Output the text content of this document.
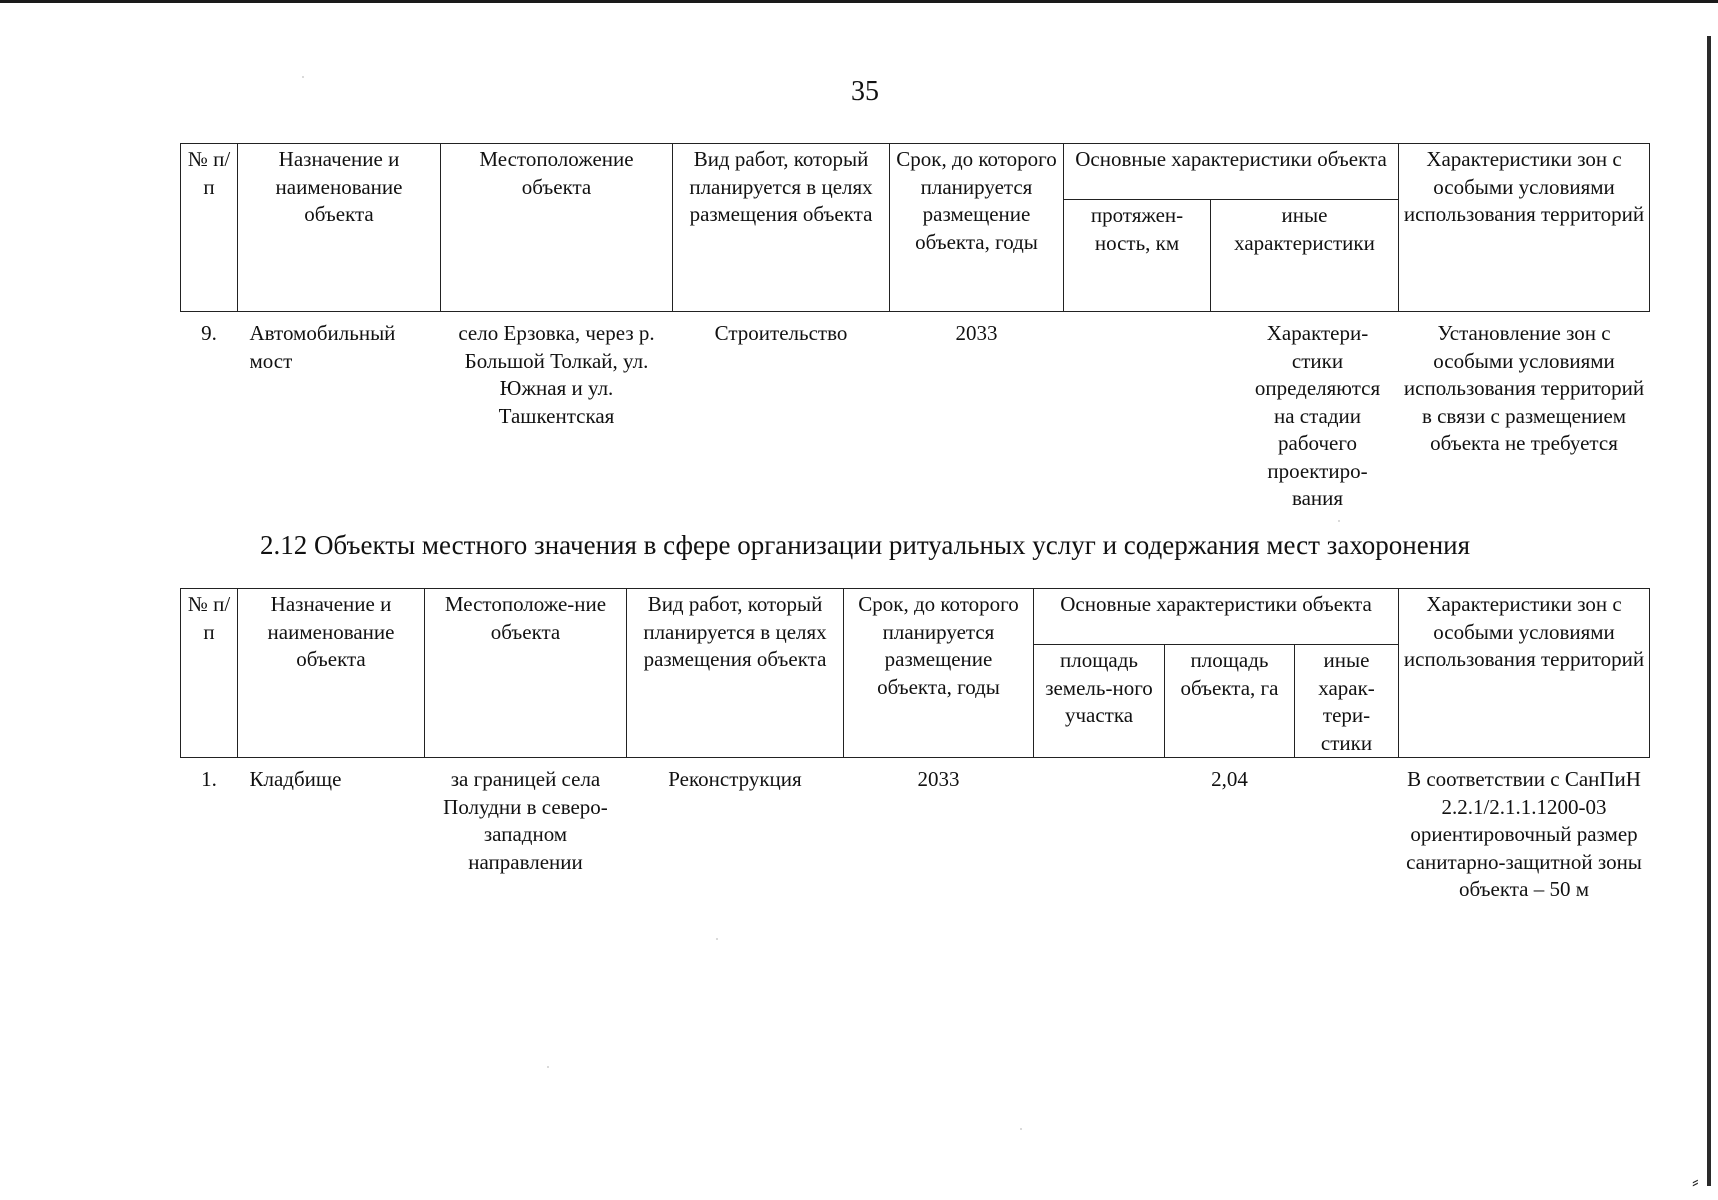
⸗
35
№ п/п	Назначение и наименование объекта	Местоположение объекта	Вид работ, который планируется в целях размещения объекта	Срок, до которого планируется размещение объекта, годы	Основные характеристики объекта		Характеристики зон с особыми условиями использования территорий
					протяжен-ность, км	иные характеристики	
9.	Автомобильный мост	село Ерзовка, через р. Большой Толкай, ул. Южная и ул. Ташкентская	Строительство	2033		Характери-стики определяются на стадии рабочего проектиро-вания	Установление зон с особыми условиями использования территорий в связи с размещением объекта не требуется
2.12 Объекты местного значения в сфере организации ритуальных услуг и содержания мест захоронения
№ п/п	Назначение и наименование объекта	Местоположе-ние объекта	Вид работ, который планируется в целях размещения объекта	Срок, до которого планируется размещение объекта, годы	Основные характеристики объекта			Характеристики зон с особыми условиями использования территорий
					площадь земель-ного участка	площадь объекта, га	иные харак-тери-стики	
1.	Кладбище	за границей села Полудни в северо-западном направлении	Реконструкция	2033		2,04		В соответствии с СанПиН 2.2.1/2.1.1.1200-03 ориентировочный размер санитарно-защитной зоны объекта – 50 м
